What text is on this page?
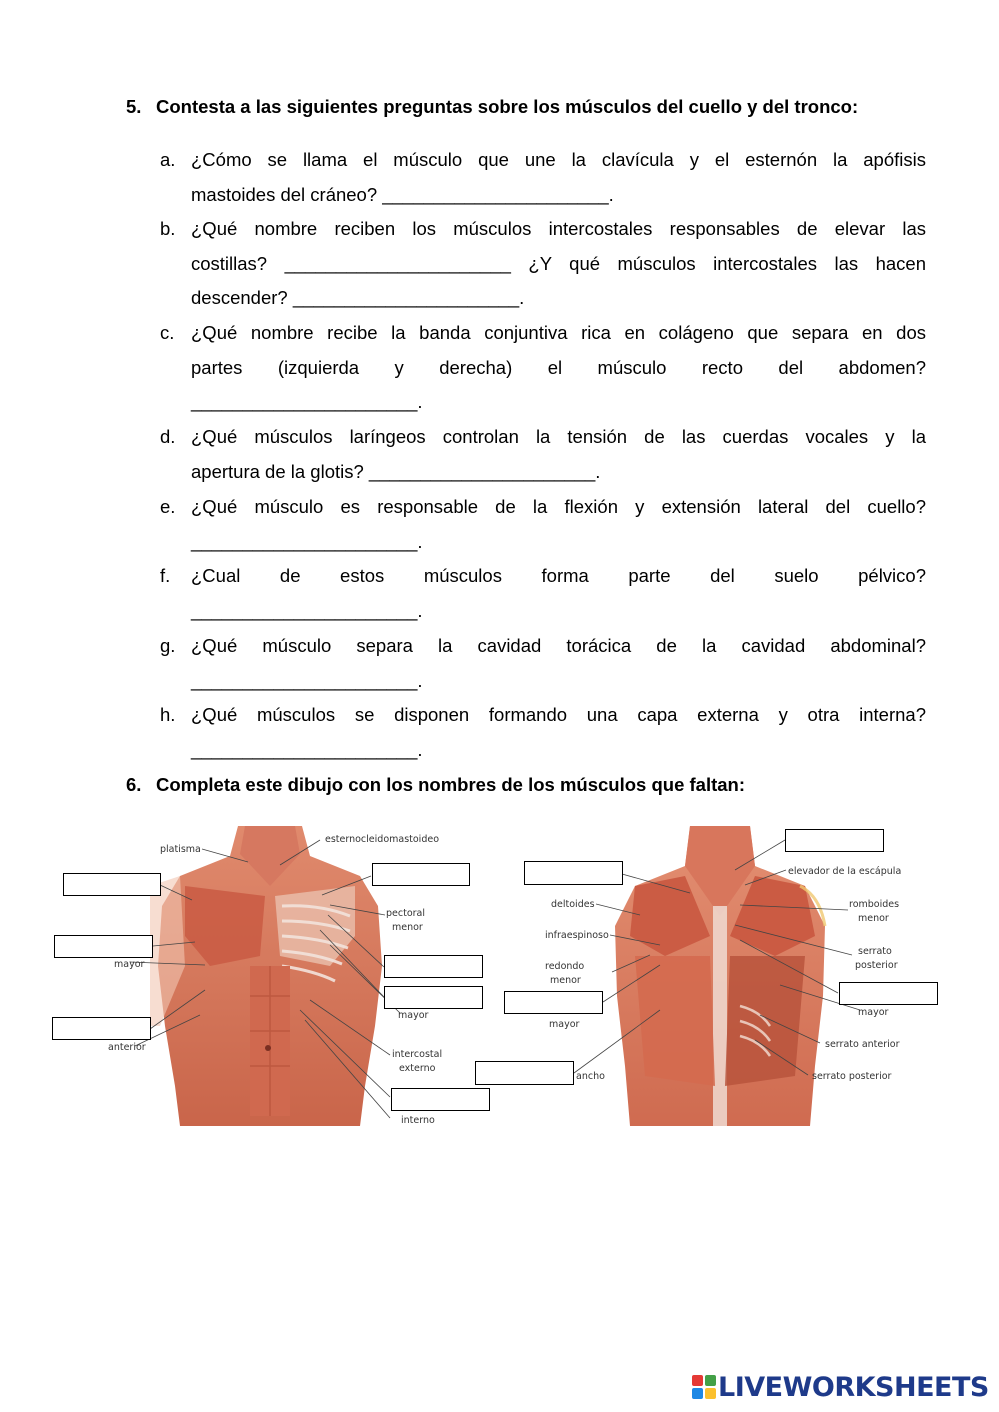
5. Contesta a las siguientes preguntas sobre los músculos del cuello y del tronco:
a. ¿Cómo se llama el músculo que une la clavícula y el esternón la apófisis
mastoides del cráneo? ______________________.
b. ¿Qué nombre reciben los músculos intercostales responsables de elevar las
costillas? ______________________ ¿Y qué músculos intercostales las hacen
descender? ______________________.
c. ¿Qué nombre recibe la banda conjuntiva rica en colágeno que separa en dos
partes (izquierda y derecha) el músculo recto del abdomen?
______________________.
d. ¿Qué músculos laríngeos controlan la tensión de las cuerdas vocales y la
apertura de la glotis? ______________________.
e. ¿Qué músculo es responsable de la flexión y extensión lateral del cuello?
______________________.
f. ¿Cual de estos músculos forma parte del suelo pélvico?
______________________.
g. ¿Qué músculo separa la cavidad torácica de la cavidad abdominal?
______________________.
h. ¿Qué músculos se disponen formando una capa externa y otra interna?
______________________.
6. Completa este dibujo con los nombres de los músculos que faltan:
platisma
esternocleidomastoideo
pectoral
menor
mayor
mayor
anterior
intercostal
externo
interno
elevador de la escápula
deltoides
infraespinoso
redondo
menor
mayor
ancho
romboides
menor
serrato
posterior
mayor
serrato anterior
serrato posterior
LIVEWORKSHEETS
